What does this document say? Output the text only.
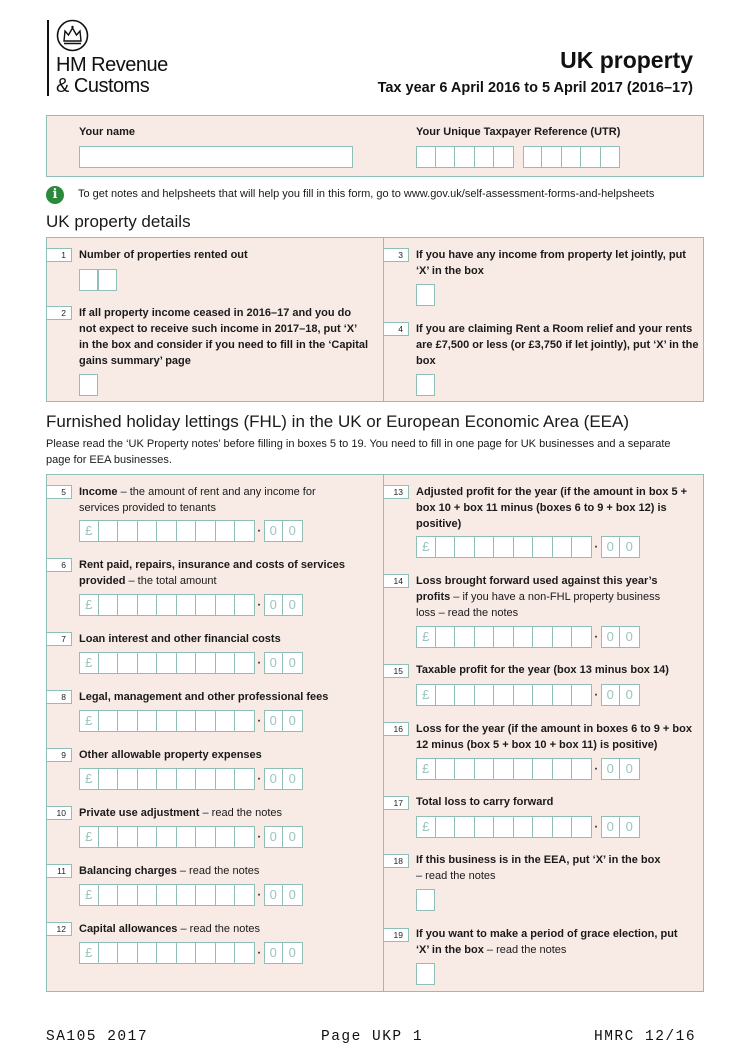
HM Revenue
& Customs
UK property
Tax year 6 April 2016 to 5 April 2017 (2016–17)
Your name	Your Unique Taxpayer Reference (UTR)
i	To get notes and helpsheets that will help you fill in this form, go to www.gov.uk/self-assessment-forms-and-helpsheets
UK property details
1	Number of properties rented out
2	If all property income ceased in 2016–17 and you do not expect to receive such income in 2017–18, put ‘X’ in the box and consider if you need to fill in the ‘Capital gains summary’ page
3	If you have any income from property let jointly, put ‘X’ in the box
4	If you are claiming Rent a Room relief and your rents are £7,500 or less (or £3,750 if let jointly), put ‘X’ in the box
Furnished holiday lettings (FHL) in the UK or European Economic Area (EEA)
Please read the ‘UK Property notes’ before filling in boxes 5 to 19. You need to fill in one page for UK businesses and a separate page for EEA businesses.
5	Income – the amount of rent and any income for services provided to tenants
£	· 0 0
6	Rent paid, repairs, insurance and costs of services provided – the total amount
£	· 0 0
7	Loan interest and other financial costs
£	· 0 0
8	Legal, management and other professional fees
£	· 0 0
9	Other allowable property expenses
£	· 0 0
10	Private use adjustment – read the notes
£	· 0 0
11	Balancing charges – read the notes
£	· 0 0
12	Capital allowances – read the notes
£	· 0 0
13	Adjusted profit for the year (if the amount in box 5 + box 10 + box 11 minus (boxes 6 to 9 + box 12) is positive)
£	· 0 0
14	Loss brought forward used against this year’s profits – if you have a non-FHL property business loss – read the notes
£	· 0 0
15	Taxable profit for the year (box 13 minus box 14)
£	· 0 0
16	Loss for the year (if the amount in boxes 6 to 9 + box 12 minus (box 5 + box 10 + box 11) is positive)
£	· 0 0
17	Total loss to carry forward
£	· 0 0
18	If this business is in the EEA, put ‘X’ in the box
– read the notes
19	If you want to make a period of grace election, put ‘X’ in the box – read the notes
SA105 2017	Page UKP 1	HMRC 12/16
